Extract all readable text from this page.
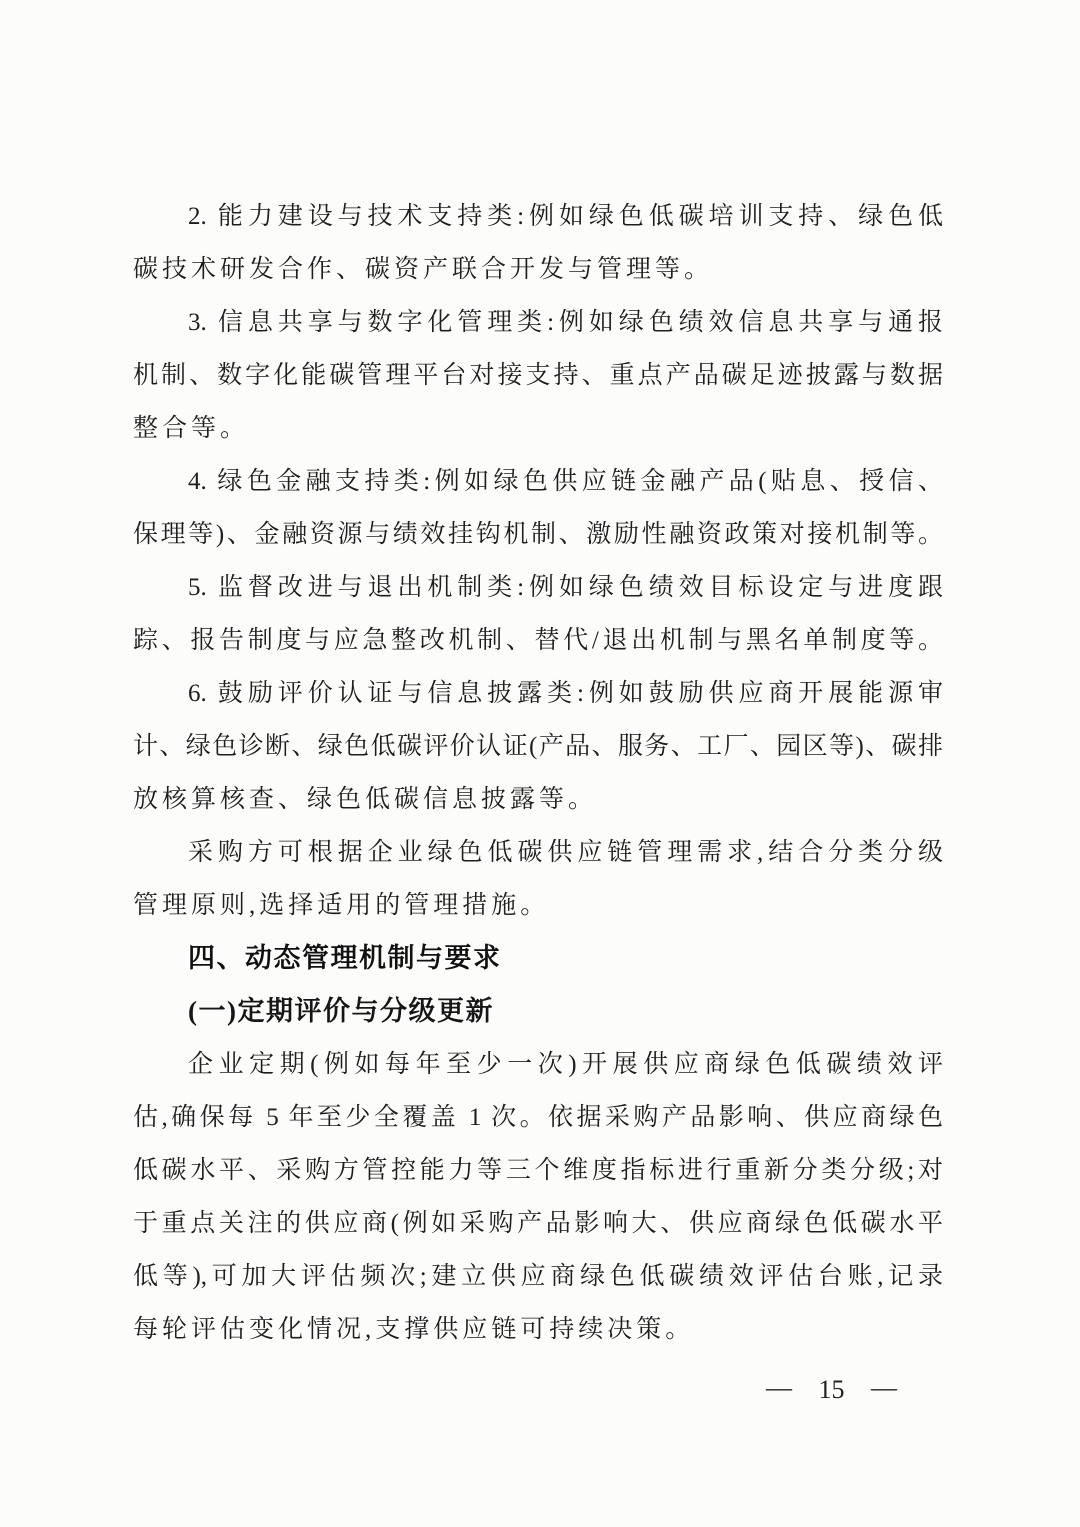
2. 能力建设与技术支持类:例如绿色低碳培训支持、绿色低
碳技术研发合作、碳资产联合开发与管理等。
3. 信息共享与数字化管理类:例如绿色绩效信息共享与通报
机制、数字化能碳管理平台对接支持、重点产品碳足迹披露与数据
整合等。
4. 绿色金融支持类:例如绿色供应链金融产品(贴息、授信、
保理等)、金融资源与绩效挂钩机制、激励性融资政策对接机制等。
5. 监督改进与退出机制类:例如绿色绩效目标设定与进度跟
踪、报告制度与应急整改机制、替代/退出机制与黑名单制度等。
6. 鼓励评价认证与信息披露类:例如鼓励供应商开展能源审
计、绿色诊断、绿色低碳评价认证(产品、服务、工厂、园区等)、碳排
放核算核查、绿色低碳信息披露等。
采购方可根据企业绿色低碳供应链管理需求,结合分类分级
管理原则,选择适用的管理措施。
四、动态管理机制与要求
(一)定期评价与分级更新
企业定期(例如每年至少一次)开展供应商绿色低碳绩效评
估,确保每 5 年至少全覆盖 1 次。依据采购产品影响、供应商绿色
低碳水平、采购方管控能力等三个维度指标进行重新分类分级;对
于重点关注的供应商(例如采购产品影响大、供应商绿色低碳水平
低等),可加大评估频次;建立供应商绿色低碳绩效评估台账,记录
每轮评估变化情况,支撑供应链可持续决策。
— 15 —
